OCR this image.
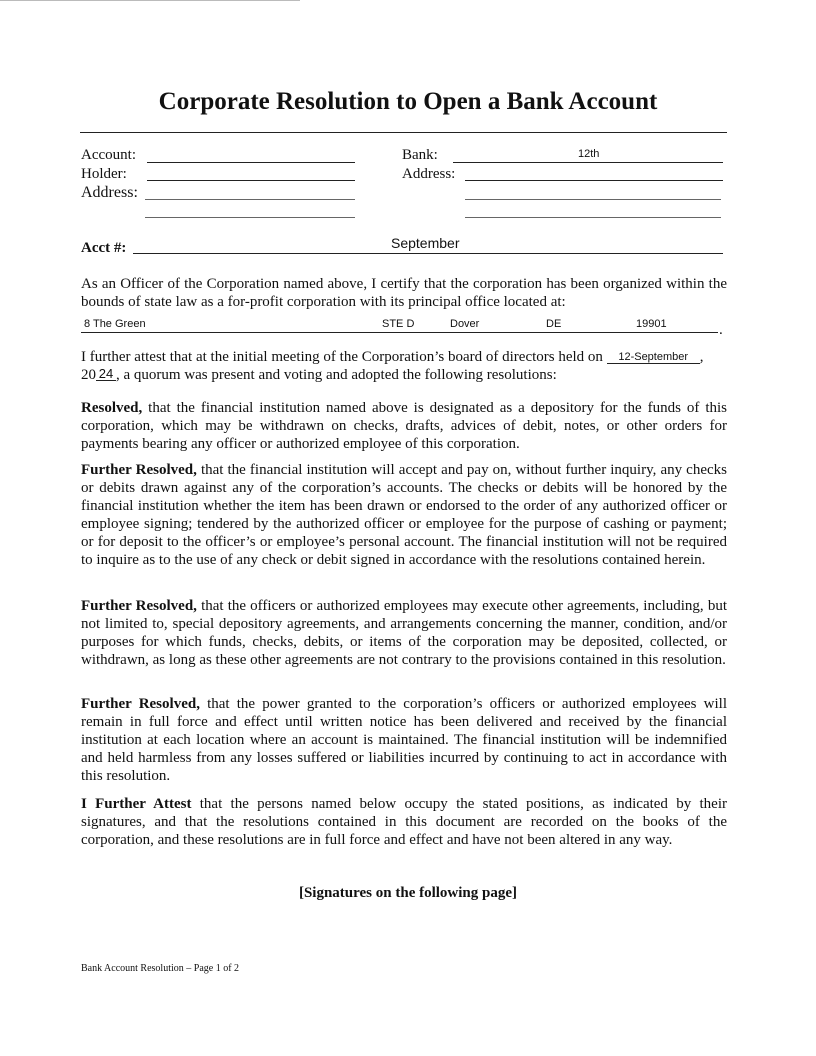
Corporate Resolution to Open a Bank Account
Account:
Holder:
Address:
Bank:	12th
Address:
Acct #:	September

As an Officer of the Corporation named above, I certify that the corporation has been organized within the bounds of state law as a for-profit corporation with its principal office located at:

8 The Green	STE D	Dover	DE	19901	.

I further attest that at the initial meeting of the Corporation’s board of directors held on 12-September ,
20 24 , a quorum was present and voting and adopted the following resolutions:

Resolved, that the financial institution named above is designated as a depository for the funds of this corporation, which may be withdrawn on checks, drafts, advices of debit, notes, or other orders for payments bearing any officer or authorized employee of this corporation.

Further Resolved, that the financial institution will accept and pay on, without further inquiry, any checks or debits drawn against any of the corporation’s accounts. The checks or debits will be honored by the financial institution whether the item has been drawn or endorsed to the order of any authorized officer or employee signing; tendered by the authorized officer or employee for the purpose of cashing or payment; or for deposit to the officer’s or employee’s personal account. The financial institution will not be required to inquire as to the use of any check or debit signed in accordance with the resolutions contained herein.

Further Resolved, that the officers or authorized employees may execute other agreements, including, but not limited to, special depository agreements, and arrangements concerning the manner, condition, and/or purposes for which funds, checks, debits, or items of the corporation may be deposited, collected, or withdrawn, as long as these other agreements are not contrary to the provisions contained in this resolution.

Further Resolved, that the power granted to the corporation’s officers or authorized employees will remain in full force and effect until written notice has been delivered and received by the financial institution at each location where an account is maintained. The financial institution will be indemnified and held harmless from any losses suffered or liabilities incurred by continuing to act in accordance with this resolution.

I Further Attest that the persons named below occupy the stated positions, as indicated by their signatures, and that the resolutions contained in this document are recorded on the books of the corporation, and these resolutions are in full force and effect and have not been altered in any way.

[Signatures on the following page]
Bank Account Resolution – Page 1 of 2
